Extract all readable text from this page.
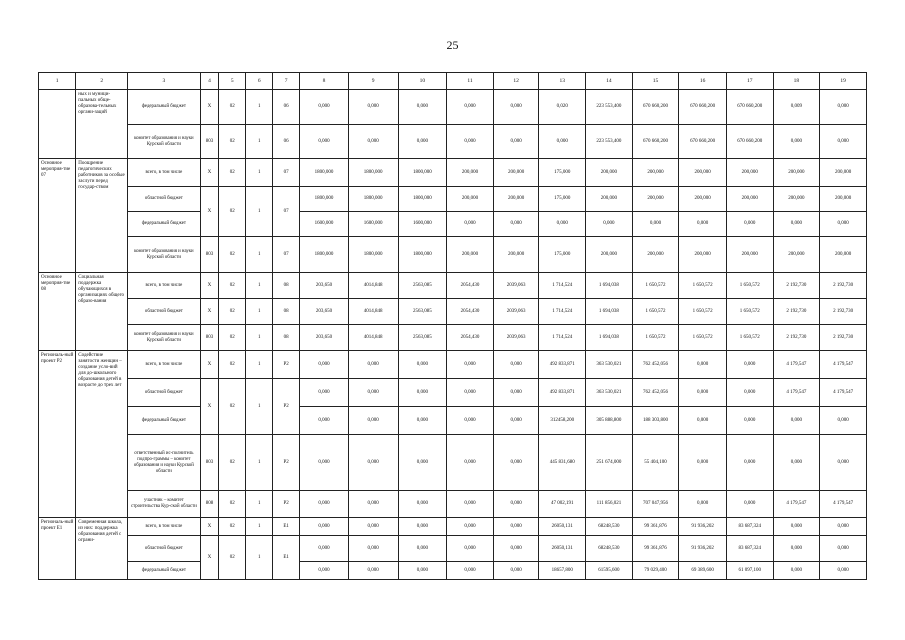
25
1	2	3	4	5	6	7	8	9	10	11	12	13	14	15	16	17	18	19
	ных и муници-пальных обще-образова-тельных органи-заций	федеральный бюджет	X	02	1	06	0,000	0,000	0,000	0,000	0,000	0,020	223 553,400	670 660,200	670 660,200	670 660,200	0,009	0,000
		комитет образования и науки Курской области	803	02	1	06	0,000	0,000	0,000	0,000	0,000	0,000	223 553,400	670 660,200	670 660,200	670 660,200	0,000	0,000
Основное мероприя-тие 07	Поощрение педагогических работников за особые заслуги перед государ-ством	всего, в том числе	X	02	1	07	1800,000	1800,000	1800,000	200,000	200,000	175,000	200,000	200,000	200,000	200,000	200,000	200,000
		областной бюджет	X	02	1	07	1800,000	1800,000	1800,000	200,000	200,000	175,000	200,000	200,000	200,000	200,000	200,000	200,000
		федеральный бюджет					1600,000	1600,000	1600,000	0,000	0,000	0,000	0,000	0,000	0,000	0,000	0,000	0,000
		комитет образования и науки Курской области	803	02	1	07	1800,000	1800,000	1800,000	200,000	200,000	175,000	200,000	200,000	200,000	200,000	200,000	200,000
Основное мероприя-тие 08	Социальная поддержка обучающихся в организациях общего образо-вания	всего, в том числе	X	02	1	08	203,650	4014,848	2563,085	2054,430	2039,063	1 714,524	1 694,038	1 650,572	1 650,572	1 650,572	2 192,730	2 192,730
		областной бюджет	X	02	1	08	203,650	4014,848	2563,085	2054,430	2039,063	1 714,524	1 694,038	1 650,572	1 650,572	1 650,572	2 192,730	2 192,730
		комитет образования и науки Курской области	803	02	1	08	203,650	4014,848	2563,085	2054,430	2039,063	1 714,524	1 694,038	1 650,572	1 650,572	1 650,572	2 192,730	2 192,730
Региональ-ный проект Р2	Содействие занятости женщин – создание усло-вий для до-школьного образования детей в возрасте до трех лет	всего, в том числе	X	02	1	P2	0,000	0,000	0,000	0,000	0,000	492 833,871	363 530,021	762 452,056	0,000	0,000	4 179,547	4 179,547
		областной бюджет	X	02	1	P2	0,000	0,000	0,000	0,000	0,000	492 833,871	363 530,021	762 452,056	0,000	0,000	4 179,547	4 179,547
		федеральный бюджет					0,000	0,000	0,000	0,000	0,000	312458,200	305 888,800	188 303,800	0,000	0,000	0,000	0,000
		ответственный ис-полнитель подпро-граммы – комитет образования и науки Курской области	803	02	1	P2	0,000	0,000	0,000	0,000	0,000	445 831,680	251 674,000	55 404,100	0,000	0,000	0,000	0,000
		участник – комитет строительства Кур-ской области	808	02	1	P2	0,000	0,000	0,000	0,000	0,000	47 002,191	111 856,021	707 047,956	0,000	0,000	4 179,547	4 179,547
Региональ-ный проект Е1	Современная школа, из них: поддержка образования детей с ограни-	всего, в том числе	X	02	1	E1	0,000	0,000	0,000	0,000	0,000	26050,131	68248,530	99 361,876	91 936,202	83 687,324	0,000	0,000
		областной бюджет	X	02	1	E1	0,000	0,000	0,000	0,000	0,000	26050,131	68248,530	99 361,876	91 936,202	83 687,324	0,000	0,000
		федеральный бюджет					0,000	0,000	0,000	0,000	0,000	18657,800	61595,600	79 029,400	69 389,600	61 097,100	0,000	0,000
